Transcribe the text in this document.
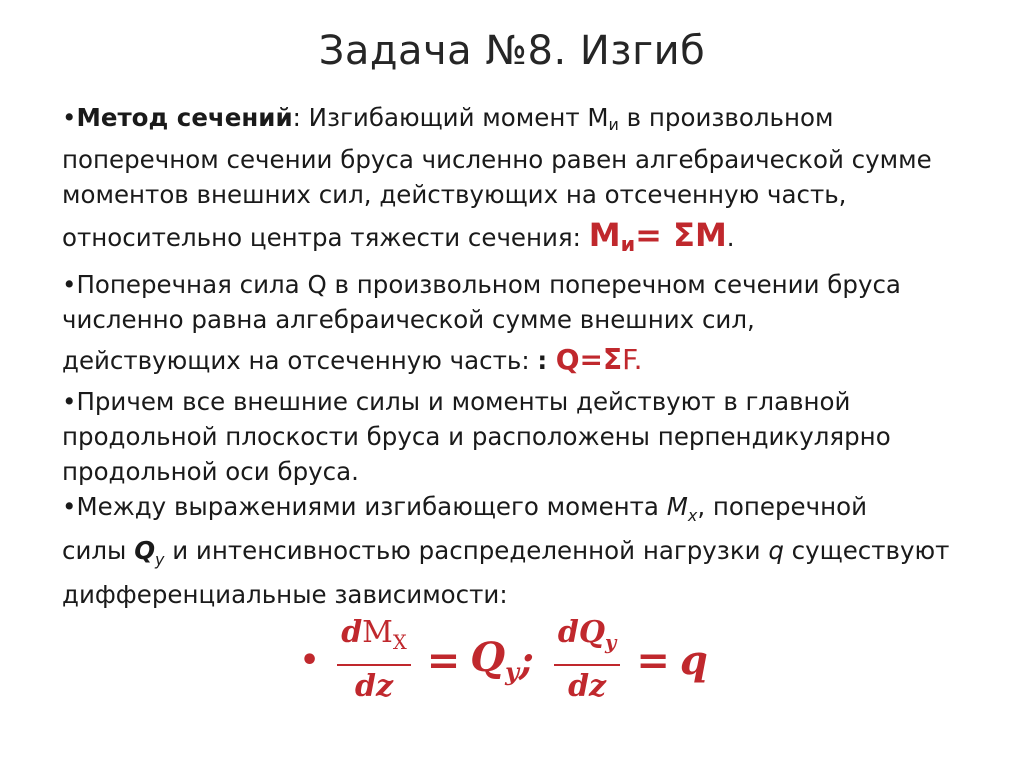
Задача №8. Изгиб
•Метод сечений: Изгибающий момент $М_и$ в произвольном
поперечном сечении бруса численно равен алгебраической сумме
моментов внешних сил, действующих на отсеченную часть,
относительно центра тяжести сечения: $М_и= \Sigma М$.
•Поперечная сила Q в произвольном поперечном сечении бруса
численно равна алгебраической сумме внешних сил,
действующих на отсеченную часть: : Q=ΣF.
•Причем все внешние силы и моменты действуют в главной
продольной плоскости бруса и расположены перпендикулярно
продольной оси бруса.
•Между выражениями изгибающего момента $M_x$, поперечной
силы $Q_y$ и интенсивностью распределенной нагрузки q существуют
дифференциальные зависимости:
• $\frac{dМ_Х}{dz} = Q_y$ ; $\frac{dQ_y}{dz} = q$
